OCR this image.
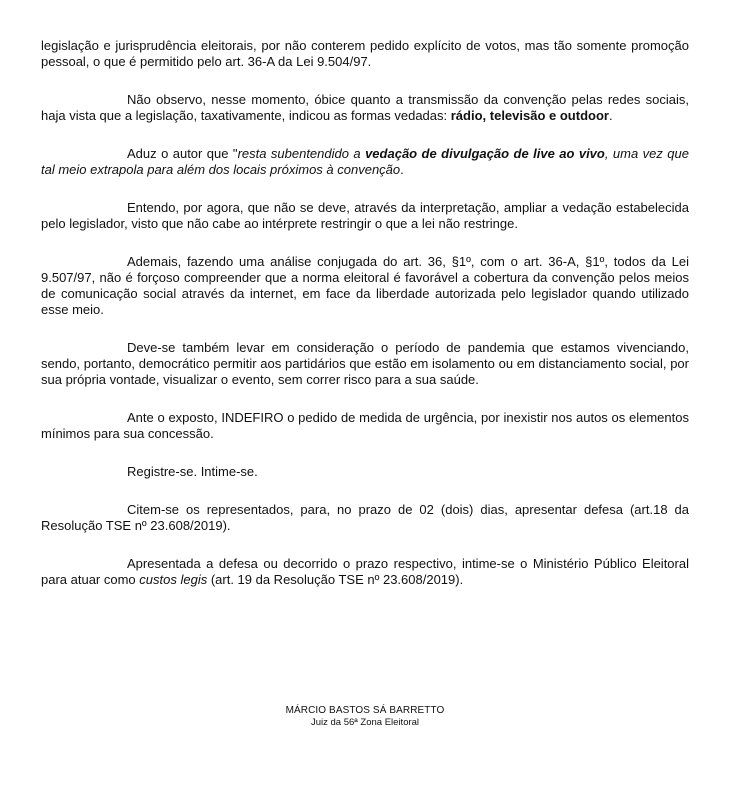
legislação e jurisprudência eleitorais, por não conterem pedido explícito de votos, mas tão somente promoção pessoal, o que é permitido pelo art. 36-A da Lei 9.504/97.

Não observo, nesse momento, óbice quanto a transmissão da convenção pelas redes sociais, haja vista que a legislação, taxativamente, indicou as formas vedadas: rádio, televisão e outdoor.

Aduz o autor que "resta subentendido a vedação de divulgação de live ao vivo, uma vez que tal meio extrapola para além dos locais próximos à convenção.

Entendo, por agora, que não se deve, através da interpretação, ampliar a vedação estabelecida pelo legislador, visto que não cabe ao intérprete restringir o que a lei não restringe.

Ademais, fazendo uma análise conjugada do art. 36, §1º, com o art. 36-A, §1º, todos da Lei 9.507/97, não é forçoso compreender que a norma eleitoral é favorável a cobertura da convenção pelos meios de comunicação social através da internet, em face da liberdade autorizada pelo legislador quando utilizado esse meio.

Deve-se também levar em consideração o período de pandemia que estamos vivenciando, sendo, portanto, democrático permitir aos partidários que estão em isolamento ou em distanciamento social, por sua própria vontade, visualizar o evento, sem correr risco para a sua saúde.

Ante o exposto, INDEFIRO o pedido de medida de urgência, por inexistir nos autos os elementos mínimos para sua concessão.

Registre-se. Intime-se.

Citem-se os representados, para, no prazo de 02 (dois) dias, apresentar defesa (art.18 da Resolução TSE nº 23.608/2019).

Apresentada a defesa ou decorrido o prazo respectivo, intime-se o Ministério Público Eleitoral para atuar como custos legis (art. 19 da Resolução TSE nº 23.608/2019).

MÁRCIO BASTOS SÁ BARRETTO
Juiz da 56ª Zona Eleitoral
